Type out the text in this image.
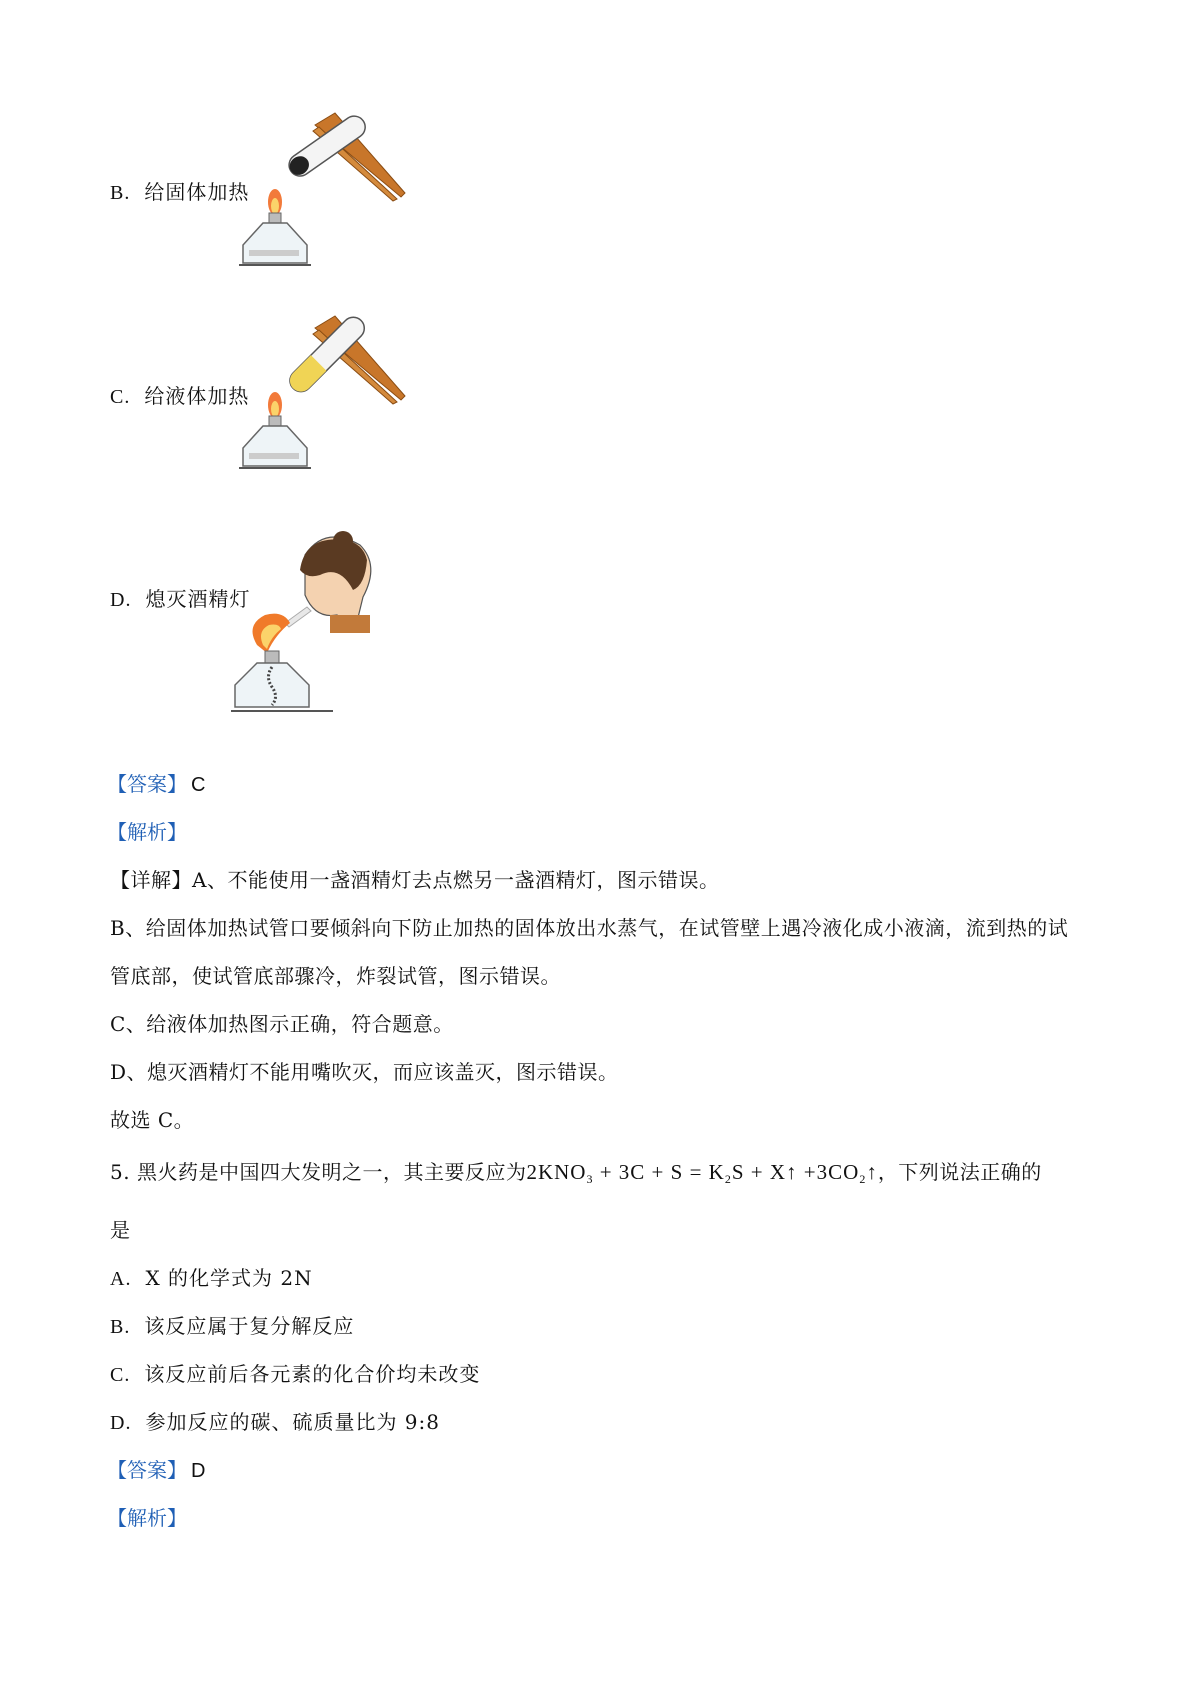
B. 给固体加热
C. 给液体加热
D. 熄灭酒精灯
【答案】 C
【解析】
【详解】A、不能使用一盏酒精灯去点燃另一盏酒精灯，图示错误。
B、给固体加热试管口要倾斜向下防止加热的固体放出水蒸气，在试管壁上遇冷液化成小液滴，流到热的试
管底部，使试管底部骤冷，炸裂试管，图示错误。
C、给液体加热图示正确，符合题意。
D、熄灭酒精灯不能用嘴吹灭，而应该盖灭，图示错误。
故选 C。
5. 黑火药是中国四大发明之一，其主要反应为$2KNO_3 + 3C + S = K_2S$ + X↑ $+3CO_2↑$，下列说法正确的
是
A. X 的化学式为 2N
B. 该反应属于复分解反应
C. 该反应前后各元素的化合价均未改变
D. 参加反应的碳、硫质量比为 9:8
【答案】 D
【解析】
